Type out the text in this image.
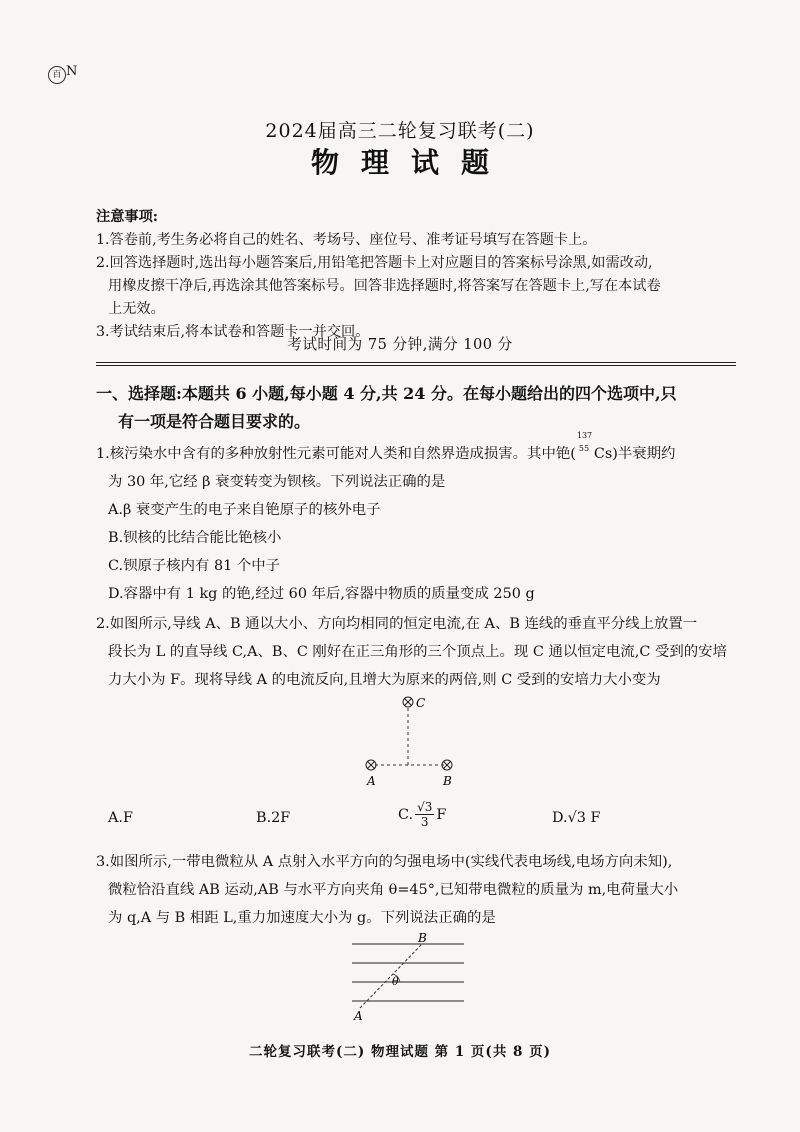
百 N
2024届高三二轮复习联考(二)
物理试题
注意事项:
1.答卷前,考生务必将自己的姓名、考场号、座位号、准考证号填写在答题卡上。
2.回答选择题时,选出每小题答案后,用铅笔把答题卡上对应题目的答案标号涂黑,如需改动,
用橡皮擦干净后,再选涂其他答案标号。回答非选择题时,将答案写在答题卡上,写在本试卷
上无效。
3.考试结束后,将本试卷和答题卡一并交回。
考试时间为 75 分钟,满分 100 分
一、选择题:本题共 6 小题,每小题 4 分,共 24 分。在每小题给出的四个选项中,只
有一项是符合题目要求的。
1.核污染水中含有的多种放射性元素可能对人类和自然界造成损害。其中铯(
137
55 Cs)半衰期约
为 30 年,它经 β 衰变转变为钡核。下列说法正确的是
A.β 衰变产生的电子来自铯原子的核外电子
B.钡核的比结合能比铯核小
C.钡原子核内有 81 个中子
D.容器中有 1 kg 的铯,经过 60 年后,容器中物质的质量变成 250 g
2.如图所示,导线 A、B 通以大小、方向均相同的恒定电流,在 A、B 连线的垂直平分线上放置一
段长为 L 的直导线 C,A、B、C 刚好在正三角形的三个顶点上。现 C 通以恒定电流,C 受到的安培
力大小为 F。现将导线 A 的电流反向,且增大为原来的两倍,则 C 受到的安培力大小变为
C
A	B
A.F	B.2F	C. $\frac{√3}{3}$ F	D.√3 F
3.如图所示,一带电微粒从 A 点射入水平方向的匀强电场中(实线代表电场线,电场方向未知),
微粒恰沿直线 AB 运动,AB 与水平方向夹角 θ=45°,已知带电微粒的质量为 m,电荷量大小
为 q,A 与 B 相距 L,重力加速度大小为 g。下列说法正确的是
θ
B
A
二轮复习联考(二) 物理试题 第 1 页(共 8 页)
